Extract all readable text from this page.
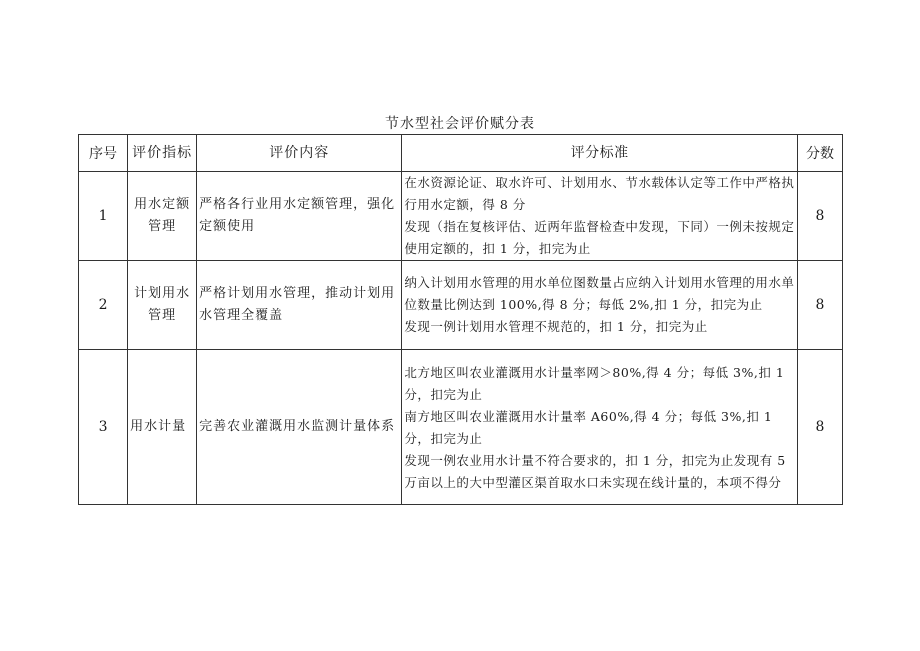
节水型社会评价赋分表
序号	评价指标	评价内容	评分标准	分数
1	用水定额管理	严格各行业用水定额管理，强化定额使用	在水资源论证、取水许可、计划用水、节水载体认定等工作中严格执行用水定额，得 8 分
发现（指在复核评估、近两年监督检查中发现，下同）一例未按规定使用定额的，扣 1 分，扣完为止	8
2	计划用水管理	严格计划用水管理，推动计划用水管理全覆盖	纳入计划用水管理的用水单位图数量占应纳入计划用水管理的用水单位数量比例达到 100%,得 8 分；每低 2%,扣 1 分，扣完为止
发现一例计划用水管理不规范的，扣 1 分，扣完为止	8
3	用水计量	完善农业灌溉用水监测计量体系	北方地区叫农业灌溉用水计量率网＞80%,得 4 分；每低 3%,扣 1 分，扣完为止
南方地区叫农业灌溉用水计量率 A60%,得 4 分；每低 3%,扣 1 分，扣完为止
发现一例农业用水计量不符合要求的，扣 1 分，扣完为止发现有 5 万亩以上的大中型灌区渠首取水口未实现在线计量的，本项不得分	8
